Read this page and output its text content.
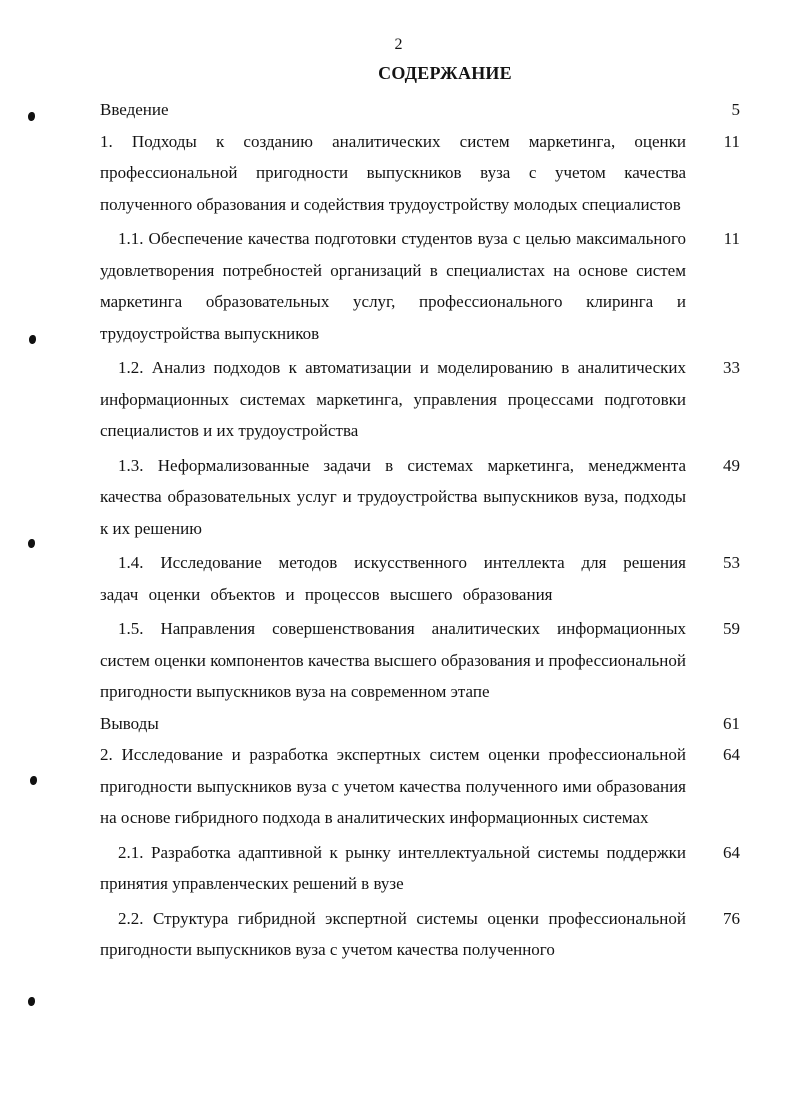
2
СОДЕРЖАНИЕ
Введение	5
1. Подходы к созданию аналитических систем маркетинга, оценки профессиональной пригодности выпускников вуза с учетом качества полученного образования и содействия трудоустройству молодых специалистов
11
1.1. Обеспечение качества подготовки студентов вуза с целью максимального удовлетворения потребностей организаций в специалистах на основе систем маркетинга образовательных услуг, профессионального клиринга и трудоустройства выпускников
11
1.2. Анализ подходов к автоматизации и моделированию в аналитических информационных системах маркетинга, управления процессами подготовки специалистов и их трудоустройства
33
1.3. Неформализованные задачи в системах маркетинга, менеджмента качества образовательных услуг и трудоустройства выпускников вуза, подходы к их решению
49
1.4. Исследование методов искусственного интеллекта для решения задач оценки объектов и процессов высшего образования
53
1.5. Направления совершенствования аналитических информационных систем оценки компонентов качества высшего образования и профессиональной пригодности выпускников вуза на современном этапе
59
Выводы	61
2. Исследование и разработка экспертных систем оценки профессиональной пригодности выпускников вуза с учетом качества полученного ими образования на основе гибридного подхода в аналитических информационных системах
64
2.1. Разработка адаптивной к рынку интеллектуальной системы поддержки принятия управленческих решений в вузе
64
2.2. Структура гибридной экспертной системы оценки профессиональной пригодности выпускников вуза с учетом качества полученного
76
